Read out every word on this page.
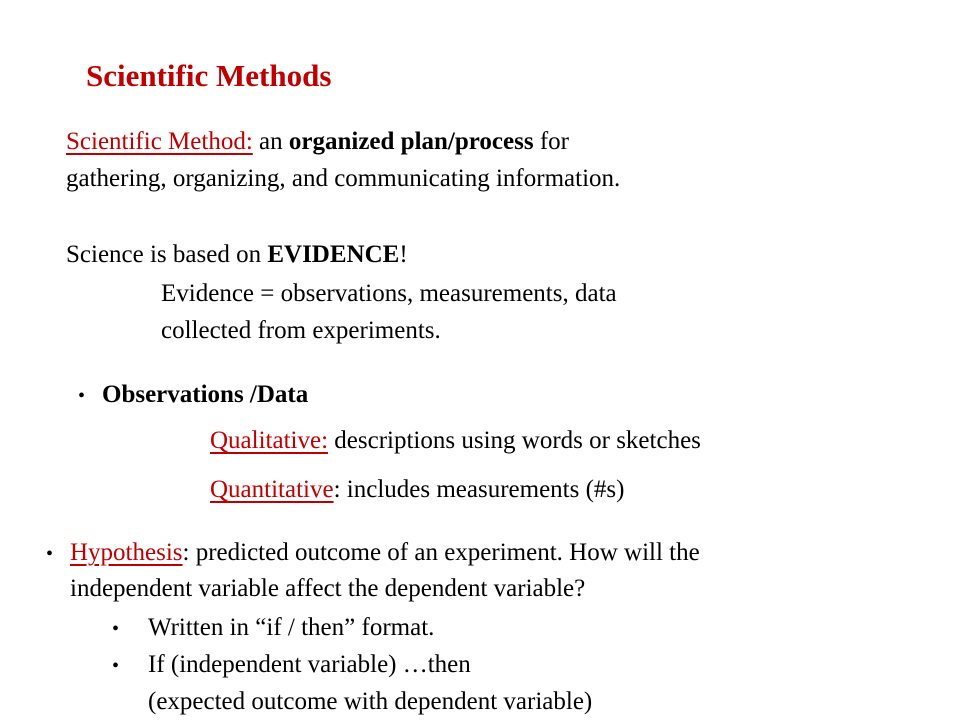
Scientific Methods
Scientific Method: an organized plan/process for
gathering, organizing, and communicating information.
Science is based on EVIDENCE!
Evidence = observations, measurements, data
collected from experiments.
• Observations /Data
Qualitative: descriptions using words or sketches
Quantitative: includes measurements (#s)
• Hypothesis: predicted outcome of an experiment. How will the
independent variable affect the dependent variable?
• Written in “if / then” format.
• If (independent variable) …then
(expected outcome with dependent variable)
